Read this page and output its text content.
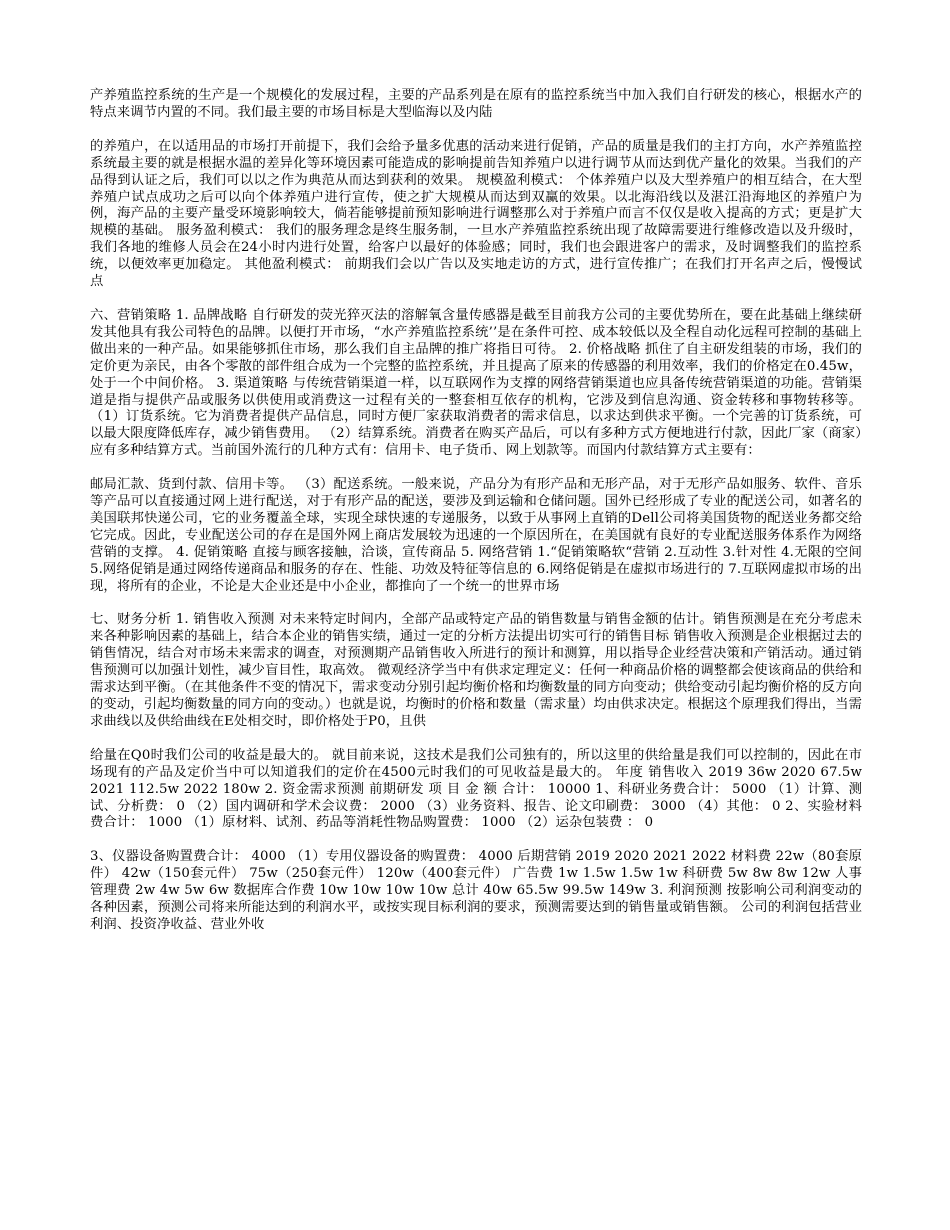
产养殖监控系统的生产是一个规模化的发展过程，主要的产品系列是在原有的监控系统当中加入我们自行研发的核心，根据水产的特点来调节内置的不同。我们最主要的市场目标是大型临海以及内陆

的养殖户，在以适用品的市场打开前提下，我们会给予量多优惠的活动来进行促销，产品的质量是我们的主打方向，水产养殖监控系统最主要的就是根据水温的差异化等环境因素可能造成的影响提前告知养殖户以进行调节从而达到优产量化的效果。当我们的产品得到认证之后，我们可以以之作为典范从而达到获利的效果。 规模盈利模式： 个体养殖户以及大型养殖户的相互结合，在大型养殖户试点成功之后可以向个体养殖户进行宣传，使之扩大规模从而达到双赢的效果。以北海沿线以及湛江沿海地区的养殖户为例，海产品的主要产量受环境影响较大，倘若能够提前预知影响进行调整那么对于养殖户而言不仅仅是收入提高的方式；更是扩大规模的基础。 服务盈利模式： 我们的服务理念是终生服务制，一旦水产养殖监控系统出现了故障需要进行维修改造以及升级时，我们各地的维修人员会在24小时内进行处置，给客户以最好的体验感；同时，我们也会跟进客户的需求，及时调整我们的监控系统，以便效率更加稳定。 其他盈利模式： 前期我们会以广告以及实地走访的方式，进行宣传推广；在我们打开名声之后，慢慢试点

六、营销策略 1. 品牌战略 自行研发的荧光猝灭法的溶解氧含量传感器是截至目前我方公司的主要优势所在，要在此基础上继续研发其他具有我公司特色的品牌。以便打开市场，“水产养殖监控系统’’是在条件可控、成本较低以及全程自动化远程可控制的基础上做出来的一种产品。如果能够抓住市场，那么我们自主品牌的推广将指日可待。 2. 价格战略 抓住了自主研发组装的市场，我们的定价更为亲民，由各个零散的部件组合成为一个完整的监控系统，并且提高了原来的传感器的利用效率，我们的价格定在0.45w，处于一个中间价格。 3. 渠道策略 与传统营销渠道一样，以互联网作为支撑的网络营销渠道也应具备传统营销渠道的功能。营销渠道是指与提供产品或服务以供使用或消费这一过程有关的一整套相互依存的机构，它涉及到信息沟通、资金转移和事物转移等。 （1）订货系统。它为消费者提供产品信息，同时方便厂家获取消费者的需求信息，以求达到供求平衡。一个完善的订货系统，可以最大限度降低库存，减少销售费用。 （2）结算系统。消费者在购买产品后，可以有多种方式方便地进行付款，因此厂家（商家）应有多种结算方式。当前国外流行的几种方式有：信用卡、电子货币、网上划款等。而国内付款结算方式主要有：

邮局汇款、货到付款、信用卡等。 （3）配送系统。一般来说，产品分为有形产品和无形产品，对于无形产品如服务、软件、音乐等产品可以直接通过网上进行配送，对于有形产品的配送，要涉及到运输和仓储问题。国外已经形成了专业的配送公司，如著名的美国联邦快递公司，它的业务覆盖全球，实现全球快速的专递服务，以致于从事网上直销的Dell公司将美国货物的配送业务都交给它完成。因此，专业配送公司的存在是国外网上商店发展较为迅速的一个原因所在，在美国就有良好的专业配送服务体系作为网络营销的支撑。 4. 促销策略 直接与顾客接触，洽谈，宣传商品 5. 网络营销 1.“促销策略软“营销 2.互动性 3.针对性 4.无限的空间 5.网络促销是通过网络传递商品和服务的存在、性能、功效及特征等信息的 6.网络促销是在虚拟市场进行的 7.互联网虚拟市场的出现，将所有的企业，不论是大企业还是中小企业，都推向了一个统一的世界市场

七、财务分析 1. 销售收入预测 对未来特定时间内，全部产品或特定产品的销售数量与销售金额的估计。销售预测是在充分考虑未来各种影响因素的基础上，结合本企业的销售实绩，通过一定的分析方法提出切实可行的销售目标 销售收入预测是企业根据过去的销售情况，结合对市场未来需求的调查，对预测期产品销售收入所进行的预计和测算，用以指导企业经营决策和产销活动。通过销售预测可以加强计划性，减少盲目性，取高效。 微观经济学当中有供求定理定义：任何一种商品价格的调整都会使该商品的供给和需求达到平衡。（在其他条件不变的情况下，需求变动分别引起均衡价格和均衡数量的同方向变动；供给变动引起均衡价格的反方向的变动，引起均衡数量的同方向的变动。）也就是说，均衡时的价格和数量（需求量）均由供求决定。根据这个原理我们得出，当需求曲线以及供给曲线在E处相交时，即价格处于P0，且供

给量在Q0时我们公司的收益是最大的。 就目前来说，这技术是我们公司独有的，所以这里的供给量是我们可以控制的，因此在市场现有的产品及定价当中可以知道我们的定价在4500元时我们的可见收益是最大的。 年度 销售收入 2019 36w 2020 67.5w 2021 112.5w 2022 180w 2. 资金需求预测 前期研发 项 目 金 额 合计： 10000 1、科研业务费合计： 5000 （1）计算、测试、分析费： 0 （2）国内调研和学术会议费： 2000 （3）业务资料、报告、论文印刷费： 3000 （4）其他： 0 2、实验材料费合计： 1000 （1）原材料、试剂、药品等消耗性物品购置费： 1000 （2）运杂包装费 ： 0

3、仪器设备购置费合计： 4000 （1）专用仪器设备的购置费： 4000 后期营销 2019 2020 2021 2022 材料费 22w（80套原件） 42w（150套元件） 75w（250套元件） 120w（400套元件） 广告费 1w 1.5w 1.5w 1w 科研费 5w 8w 8w 12w 人事管理费 2w 4w 5w 6w 数据库合作费 10w 10w 10w 10w 总计 40w 65.5w 99.5w 149w 3. 利润预测 按影响公司利润变动的各种因素，预测公司将来所能达到的利润水平，或按实现目标利润的要求，预测需要达到的销售量或销售额。 公司的利润包括营业利润、投资净收益、营业外收
